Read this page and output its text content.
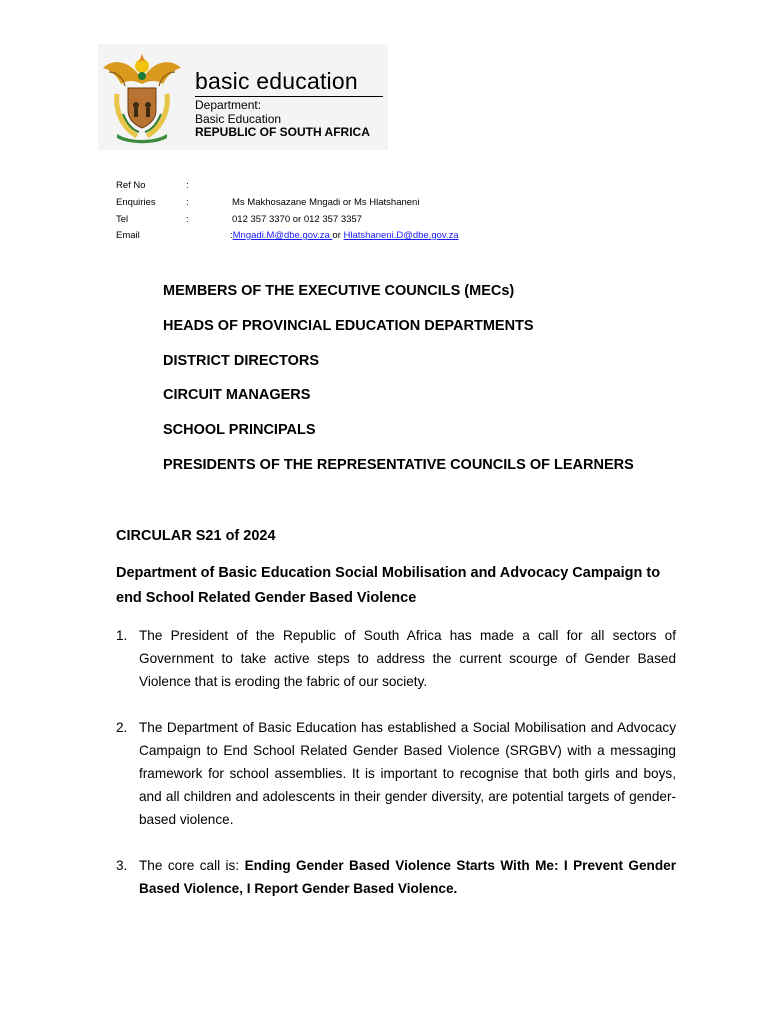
basic education
Department:
Basic Education
REPUBLIC OF SOUTH AFRICA
Ref No	:
Enquiries	:	Ms Makhosazane Mngadi or Ms Hlatshaneni
Tel	:	012 357 3370 or 012 357 3357
Email	:Mngadi.M@dbe.gov.za or Hlatshaneni.D@dbe.gov.za
MEMBERS OF THE EXECUTIVE COUNCILS (MECs)
HEADS OF PROVINCIAL EDUCATION DEPARTMENTS
DISTRICT DIRECTORS
CIRCUIT MANAGERS
SCHOOL PRINCIPALS
PRESIDENTS OF THE REPRESENTATIVE COUNCILS OF LEARNERS
CIRCULAR S21 of 2024
Department of Basic Education Social Mobilisation and Advocacy Campaign to end School Related Gender Based Violence
1. The President of the Republic of South Africa has made a call for all sectors of Government to take active steps to address the current scourge of Gender Based Violence that is eroding the fabric of our society.
2. The Department of Basic Education has established a Social Mobilisation and Advocacy Campaign to End School Related Gender Based Violence (SRGBV) with a messaging framework for school assemblies. It is important to recognise that both girls and boys, and all children and adolescents in their gender diversity, are potential targets of gender-based violence.
3. The core call is: Ending Gender Based Violence Starts With Me: I Prevent Gender Based Violence, I Report Gender Based Violence.
